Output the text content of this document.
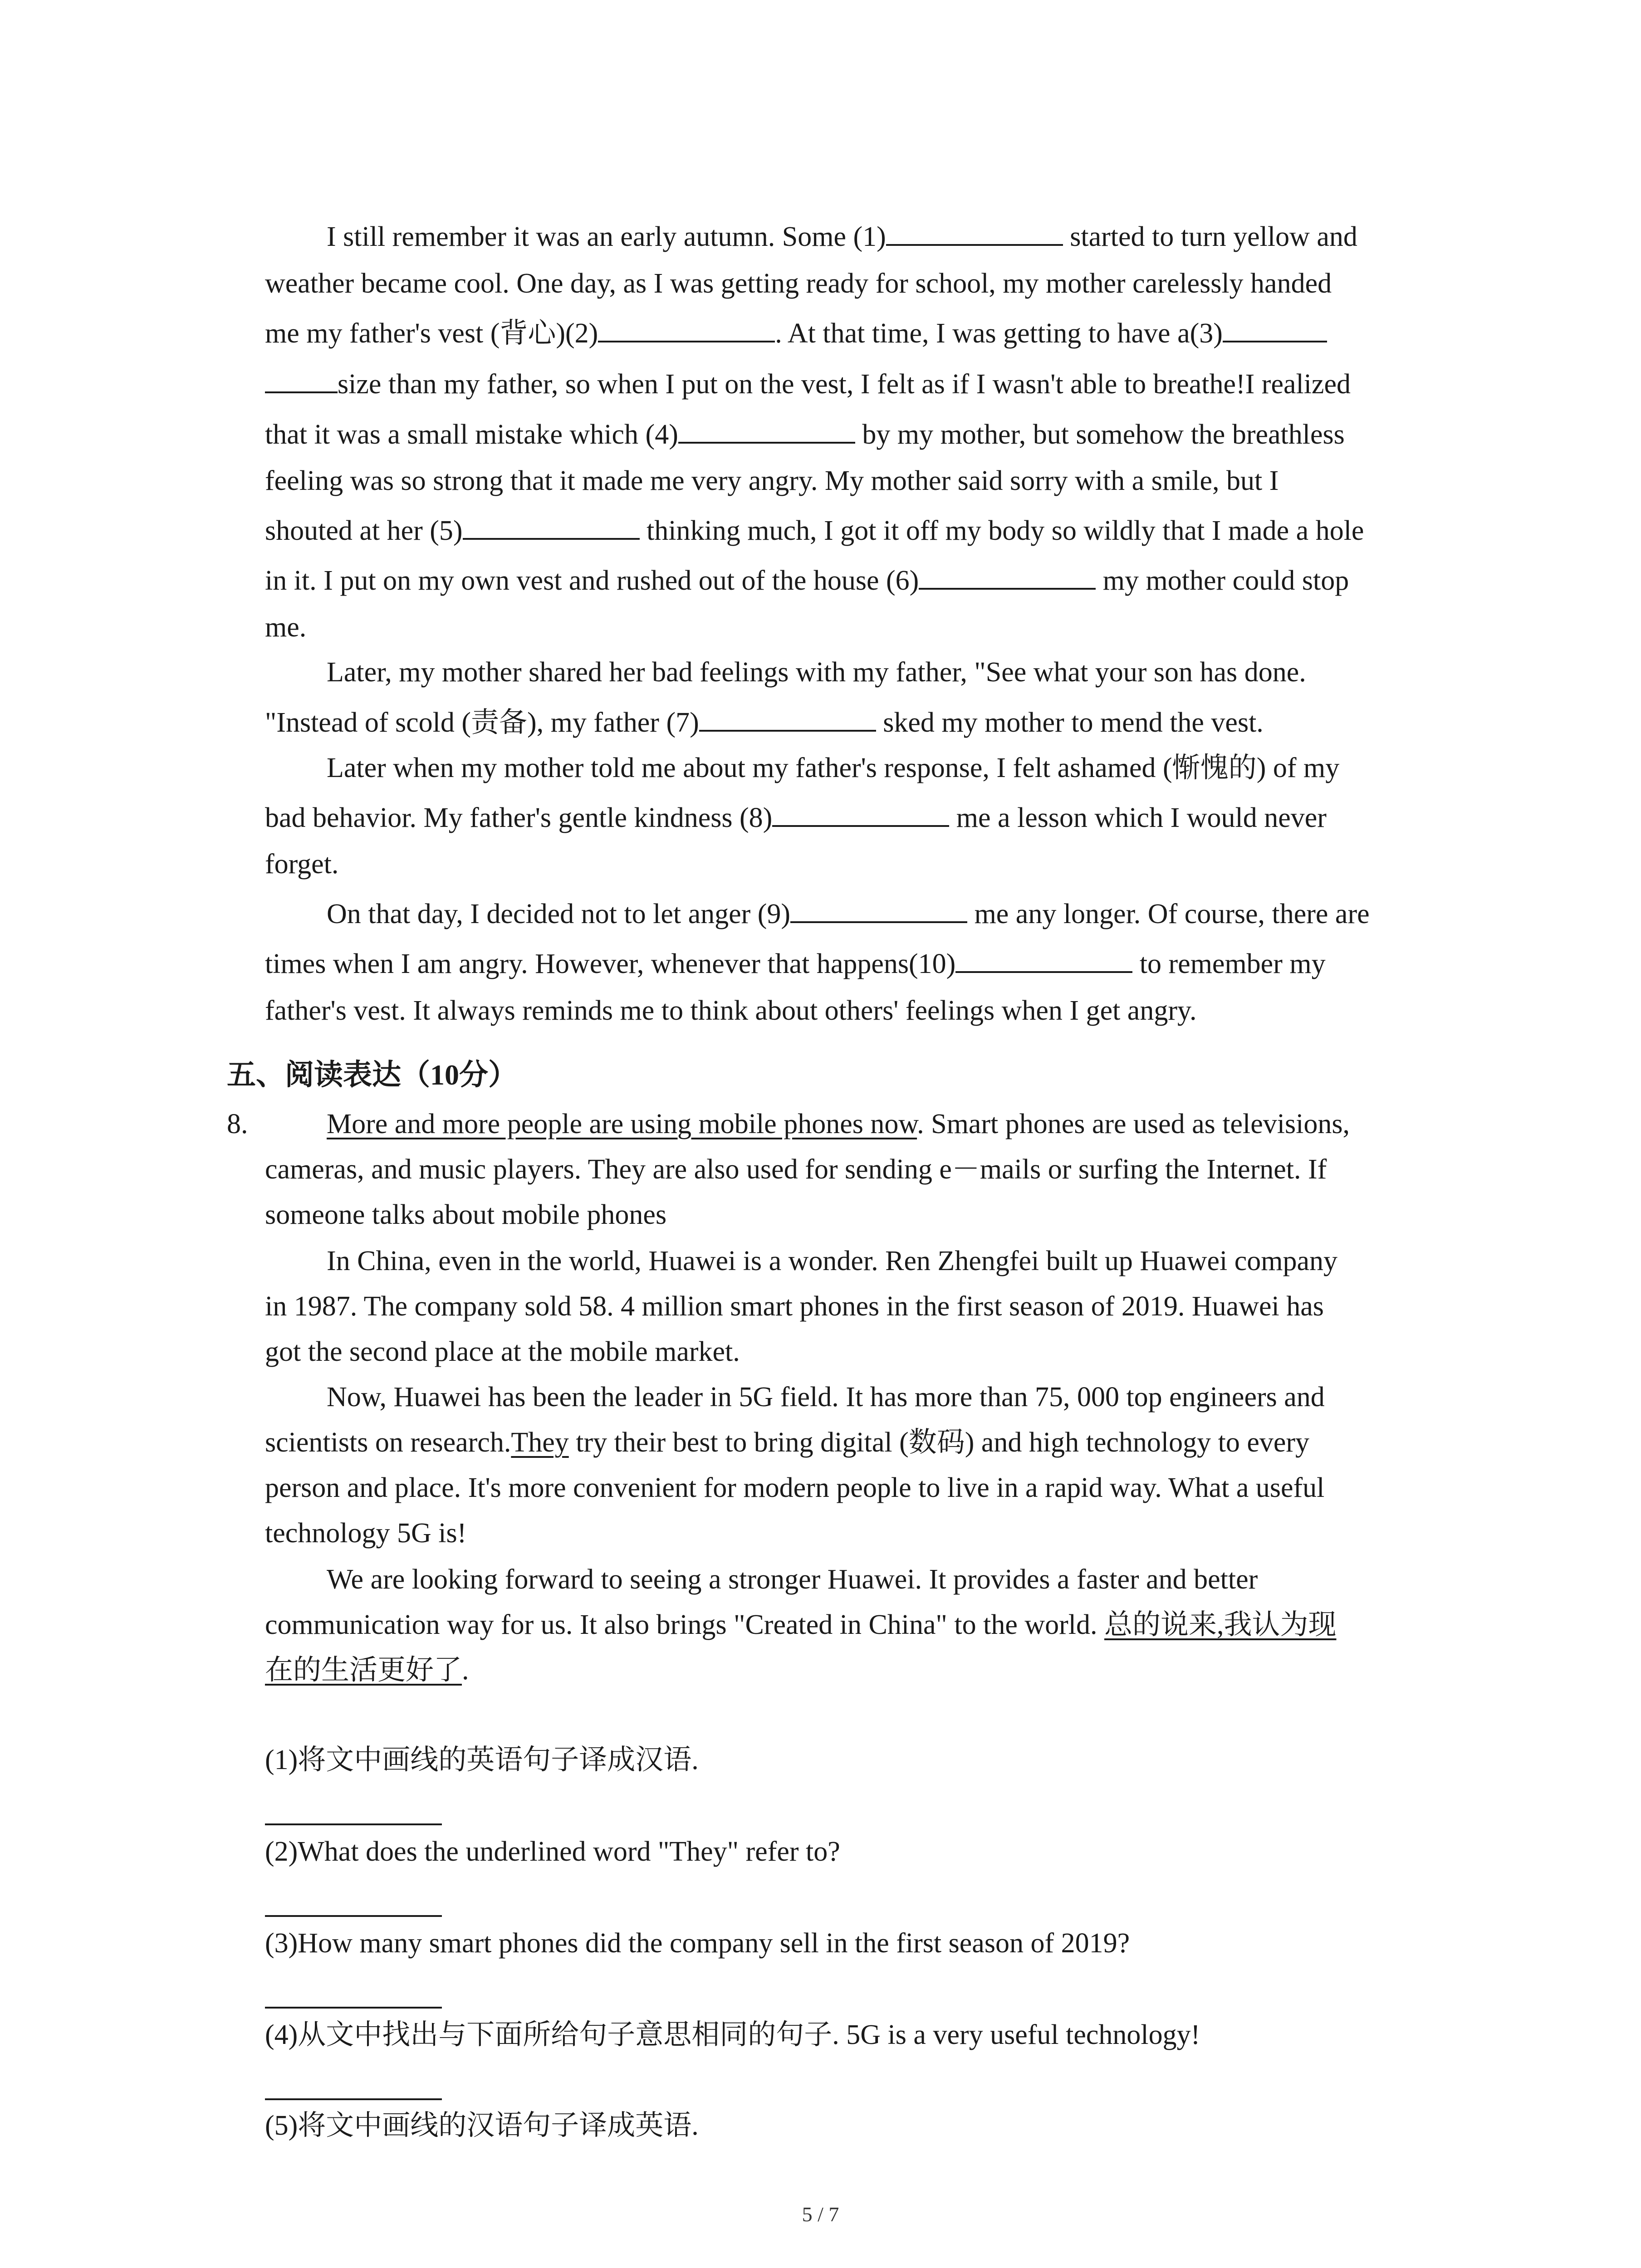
I still remember it was an early autumn. Some (1)	started to turn yellow and
weather became cool. One day, as I was getting ready for school, my mother carelessly handed
me my father's vest (背心)(2)	. At that time, I was getting to have a(3)
size than my father, so when I put on the vest, I felt as if I wasn't able to breathe!I realized
that it was a small mistake which (4)	by my mother, but somehow the breathless
feeling was so strong that it made me very angry. My mother said sorry with a smile, but I
shouted at her (5)	thinking much, I got it off my body so wildly that I made a hole
in it. I put on my own vest and rushed out of the house (6)	my mother could stop
me.
Later, my mother shared her bad feelings with my father, "See what your son has done.
"Instead of scold (责备), my father (7)	sked my mother to mend the vest.
Later when my mother told me about my father's response, I felt ashamed (惭愧的) of my
bad behavior. My father's gentle kindness (8)	me a lesson which I would never
forget.
On that day, I decided not to let anger (9)	me any longer. Of course, there are
times when I am angry. However, whenever that happens(10)	to remember my
father's vest. It always reminds me to think about others' feelings when I get angry.
五、阅读表达（10分）
8.	More and more people are using mobile phones now. Smart phones are used as televisions,
cameras, and music players. They are also used for sending e－mails or surfing the Internet. If
someone talks about mobile phones
In China, even in the world, Huawei is a wonder. Ren Zhengfei built up Huawei company
in 1987. The company sold 58. 4 million smart phones in the first season of 2019. Huawei has
got the second place at the mobile market.
Now, Huawei has been the leader in 5G field. It has more than 75, 000 top engineers and
scientists on research.They try their best to bring digital (数码) and high technology to every
person and place. It's more convenient for modern people to live in a rapid way. What a useful
technology 5G is!
We are looking forward to seeing a stronger Huawei. It provides a faster and better
communication way for us. It also brings "Created in China" to the world. 总的说来,我认为现
在的生活更好了.
(1)将文中画线的英语句子译成汉语.
(2)What does the underlined word "They" refer to?
(3)How many smart phones did the company sell in the first season of 2019?
(4)从文中找出与下面所给句子意思相同的句子. 5G is a very useful technology!
(5)将文中画线的汉语句子译成英语.
5 / 7
